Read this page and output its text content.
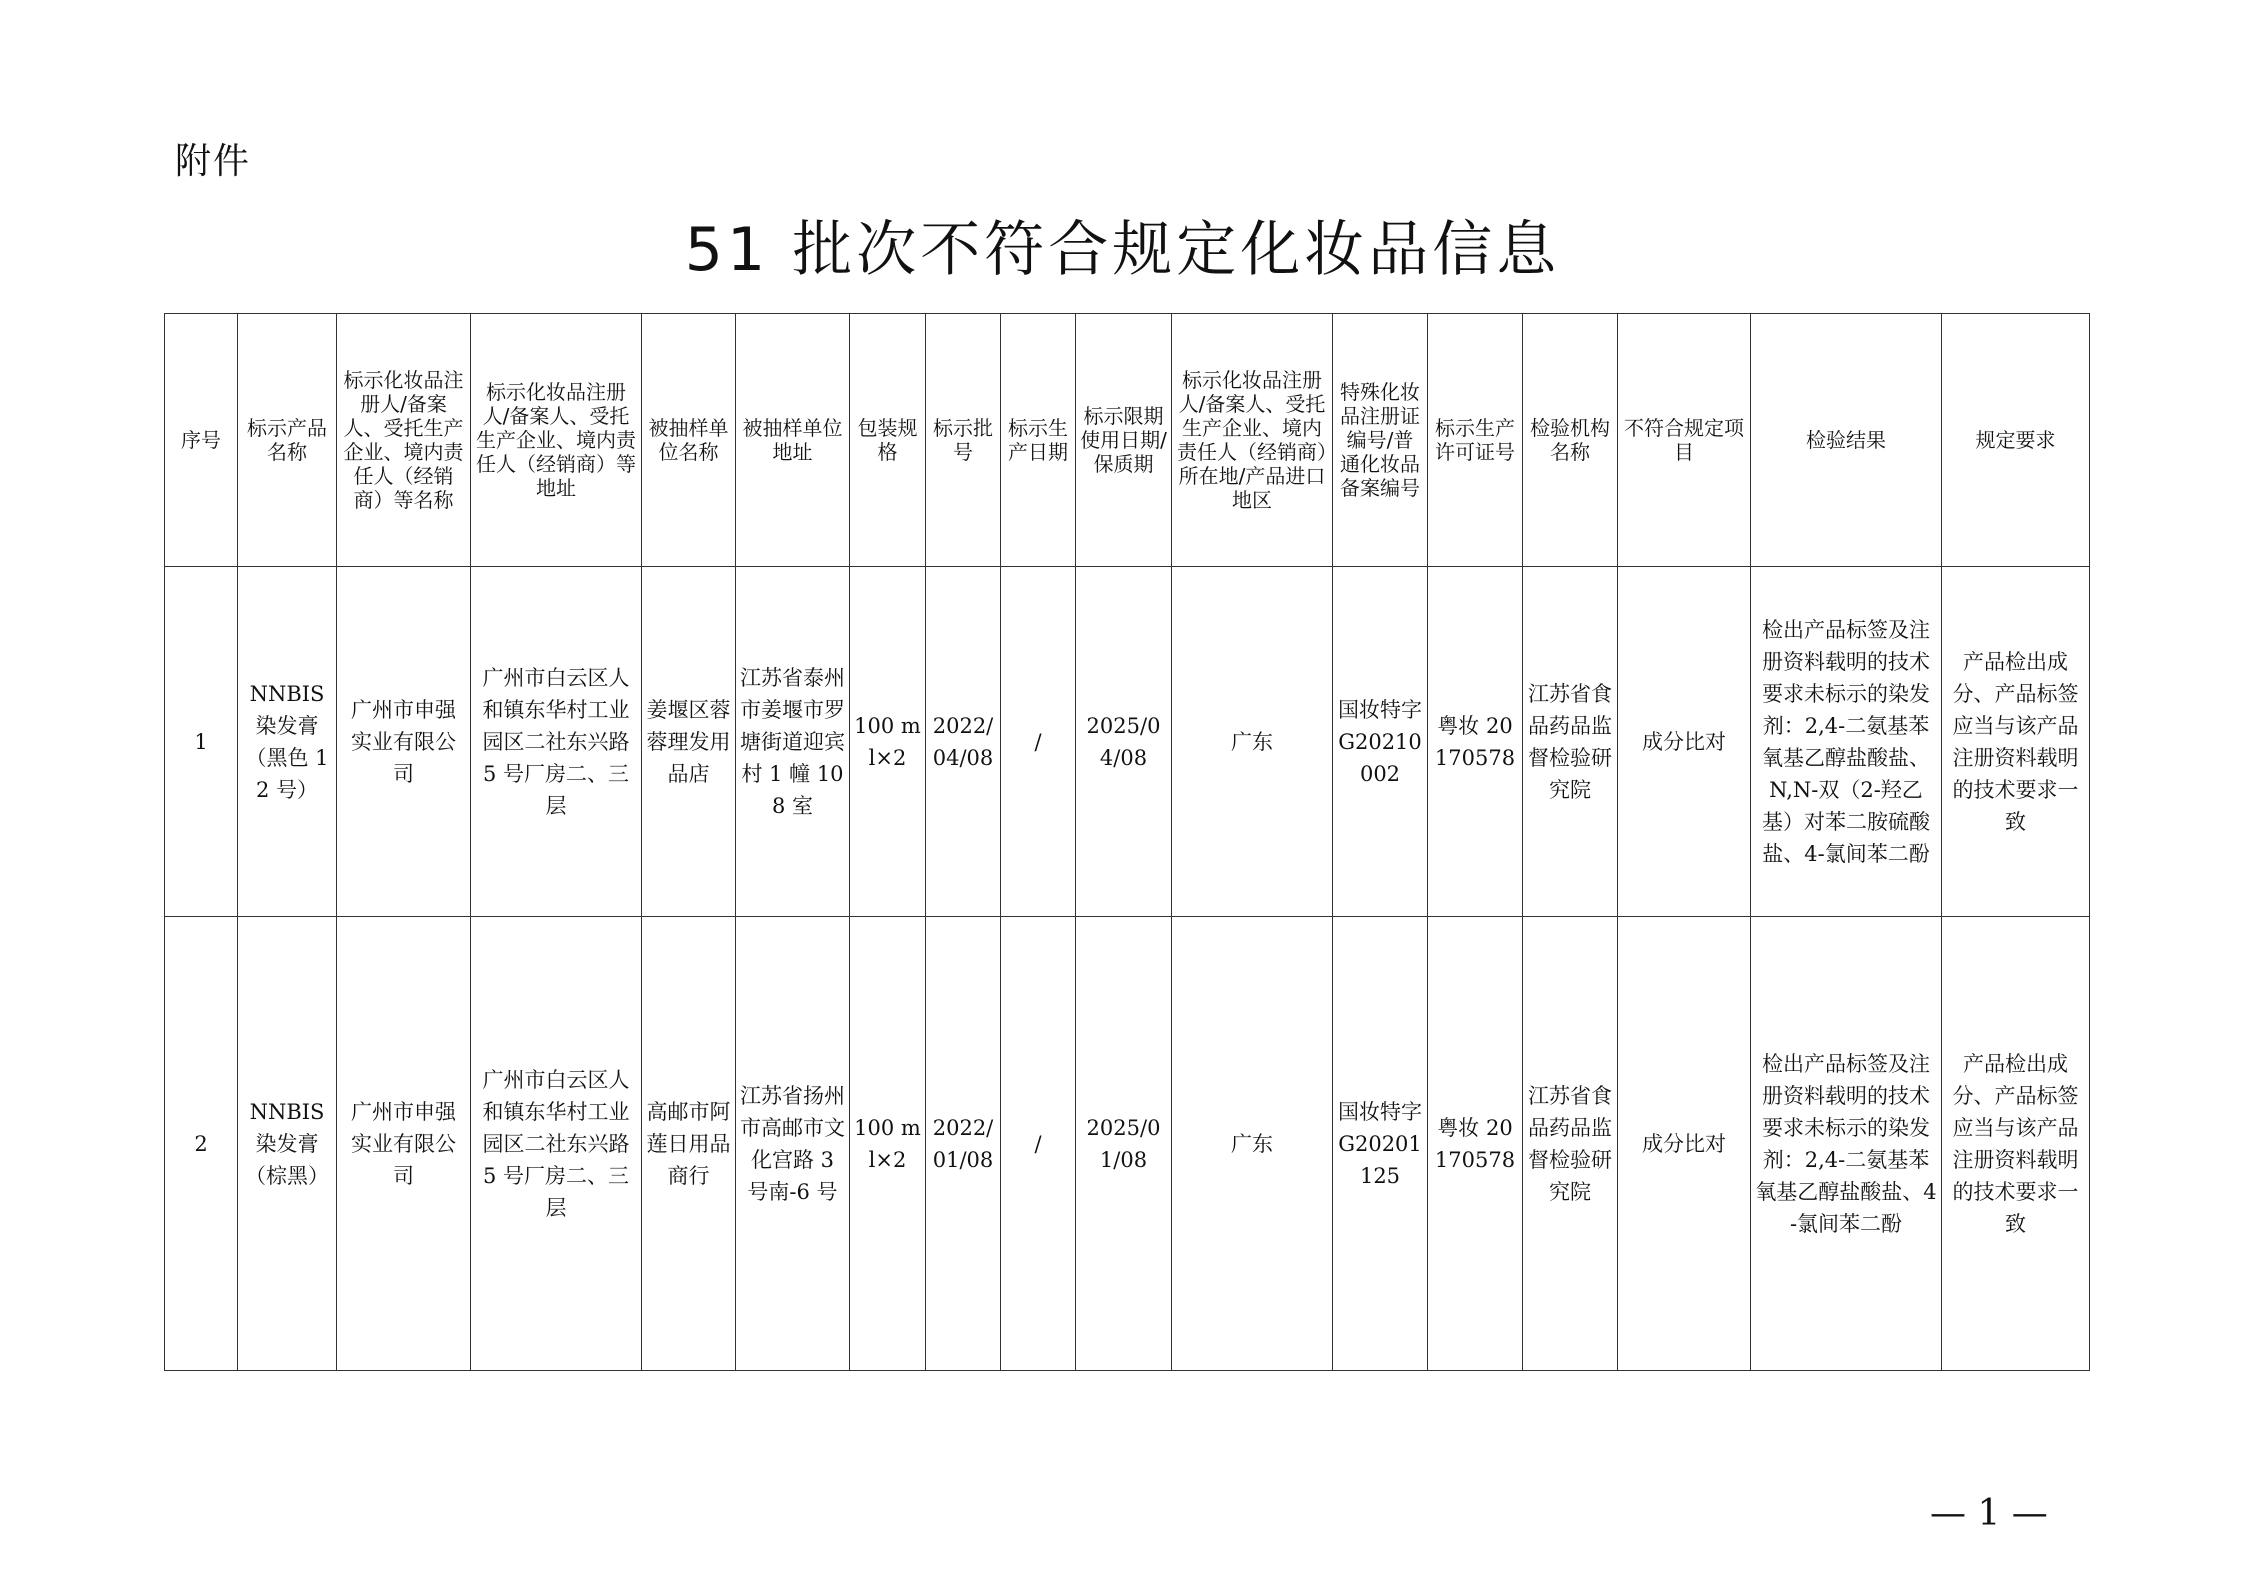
附件
51 批次不符合规定化妆品信息
序号	标示产品名称	标示化妆品注册人/备案人、受托生产企业、境内责任人（经销商）等名称	标示化妆品注册人/备案人、受托生产企业、境内责任人（经销商）等地址	被抽样单位名称	被抽样单位地址	包装规格	标示批号	标示生产日期	标示限期使用日期/保质期	标示化妆品注册人/备案人、受托生产企业、境内责任人（经销商）所在地/产品进口地区	特殊化妆品注册证编号/普通化妆品备案编号	标示生产许可证号	检验机构名称	不符合规定项目	检验结果	规定要求
1	NNBIS 染发膏（黑色 12 号）	广州市申强实业有限公司	广州市白云区人和镇东华村工业园区二社东兴路 5 号厂房二、三层	姜堰区蓉蓉理发用品店	江苏省泰州市姜堰市罗塘街道迎宾村 1 幢 108 室	100 ml×2	2022/04/08	/	2025/04/08	广东	国妆特字 G20210002	粤妆 20170578	江苏省食品药品监督检验研究院	成分比对	检出产品标签及注册资料载明的技术要求未标示的染发剂：2,4-二氨基苯氧基乙醇盐酸盐、N,N-双（2-羟乙基）对苯二胺硫酸盐、4-氯间苯二酚	产品检出成分、产品标签应当与该产品注册资料载明的技术要求一致
2	NNBIS 染发膏（棕黑）	广州市申强实业有限公司	广州市白云区人和镇东华村工业园区二社东兴路 5 号厂房二、三层	高邮市阿莲日用品商行	江苏省扬州市高邮市文化宫路 3 号南-6 号	100 ml×2	2022/01/08	/	2025/01/08	广东	国妆特字 G20201125	粤妆 20170578	江苏省食品药品监督检验研究院	成分比对	检出产品标签及注册资料载明的技术要求未标示的染发剂：2,4-二氨基苯氧基乙醇盐酸盐、4-氯间苯二酚	产品检出成分、产品标签应当与该产品注册资料载明的技术要求一致
— 1 —
